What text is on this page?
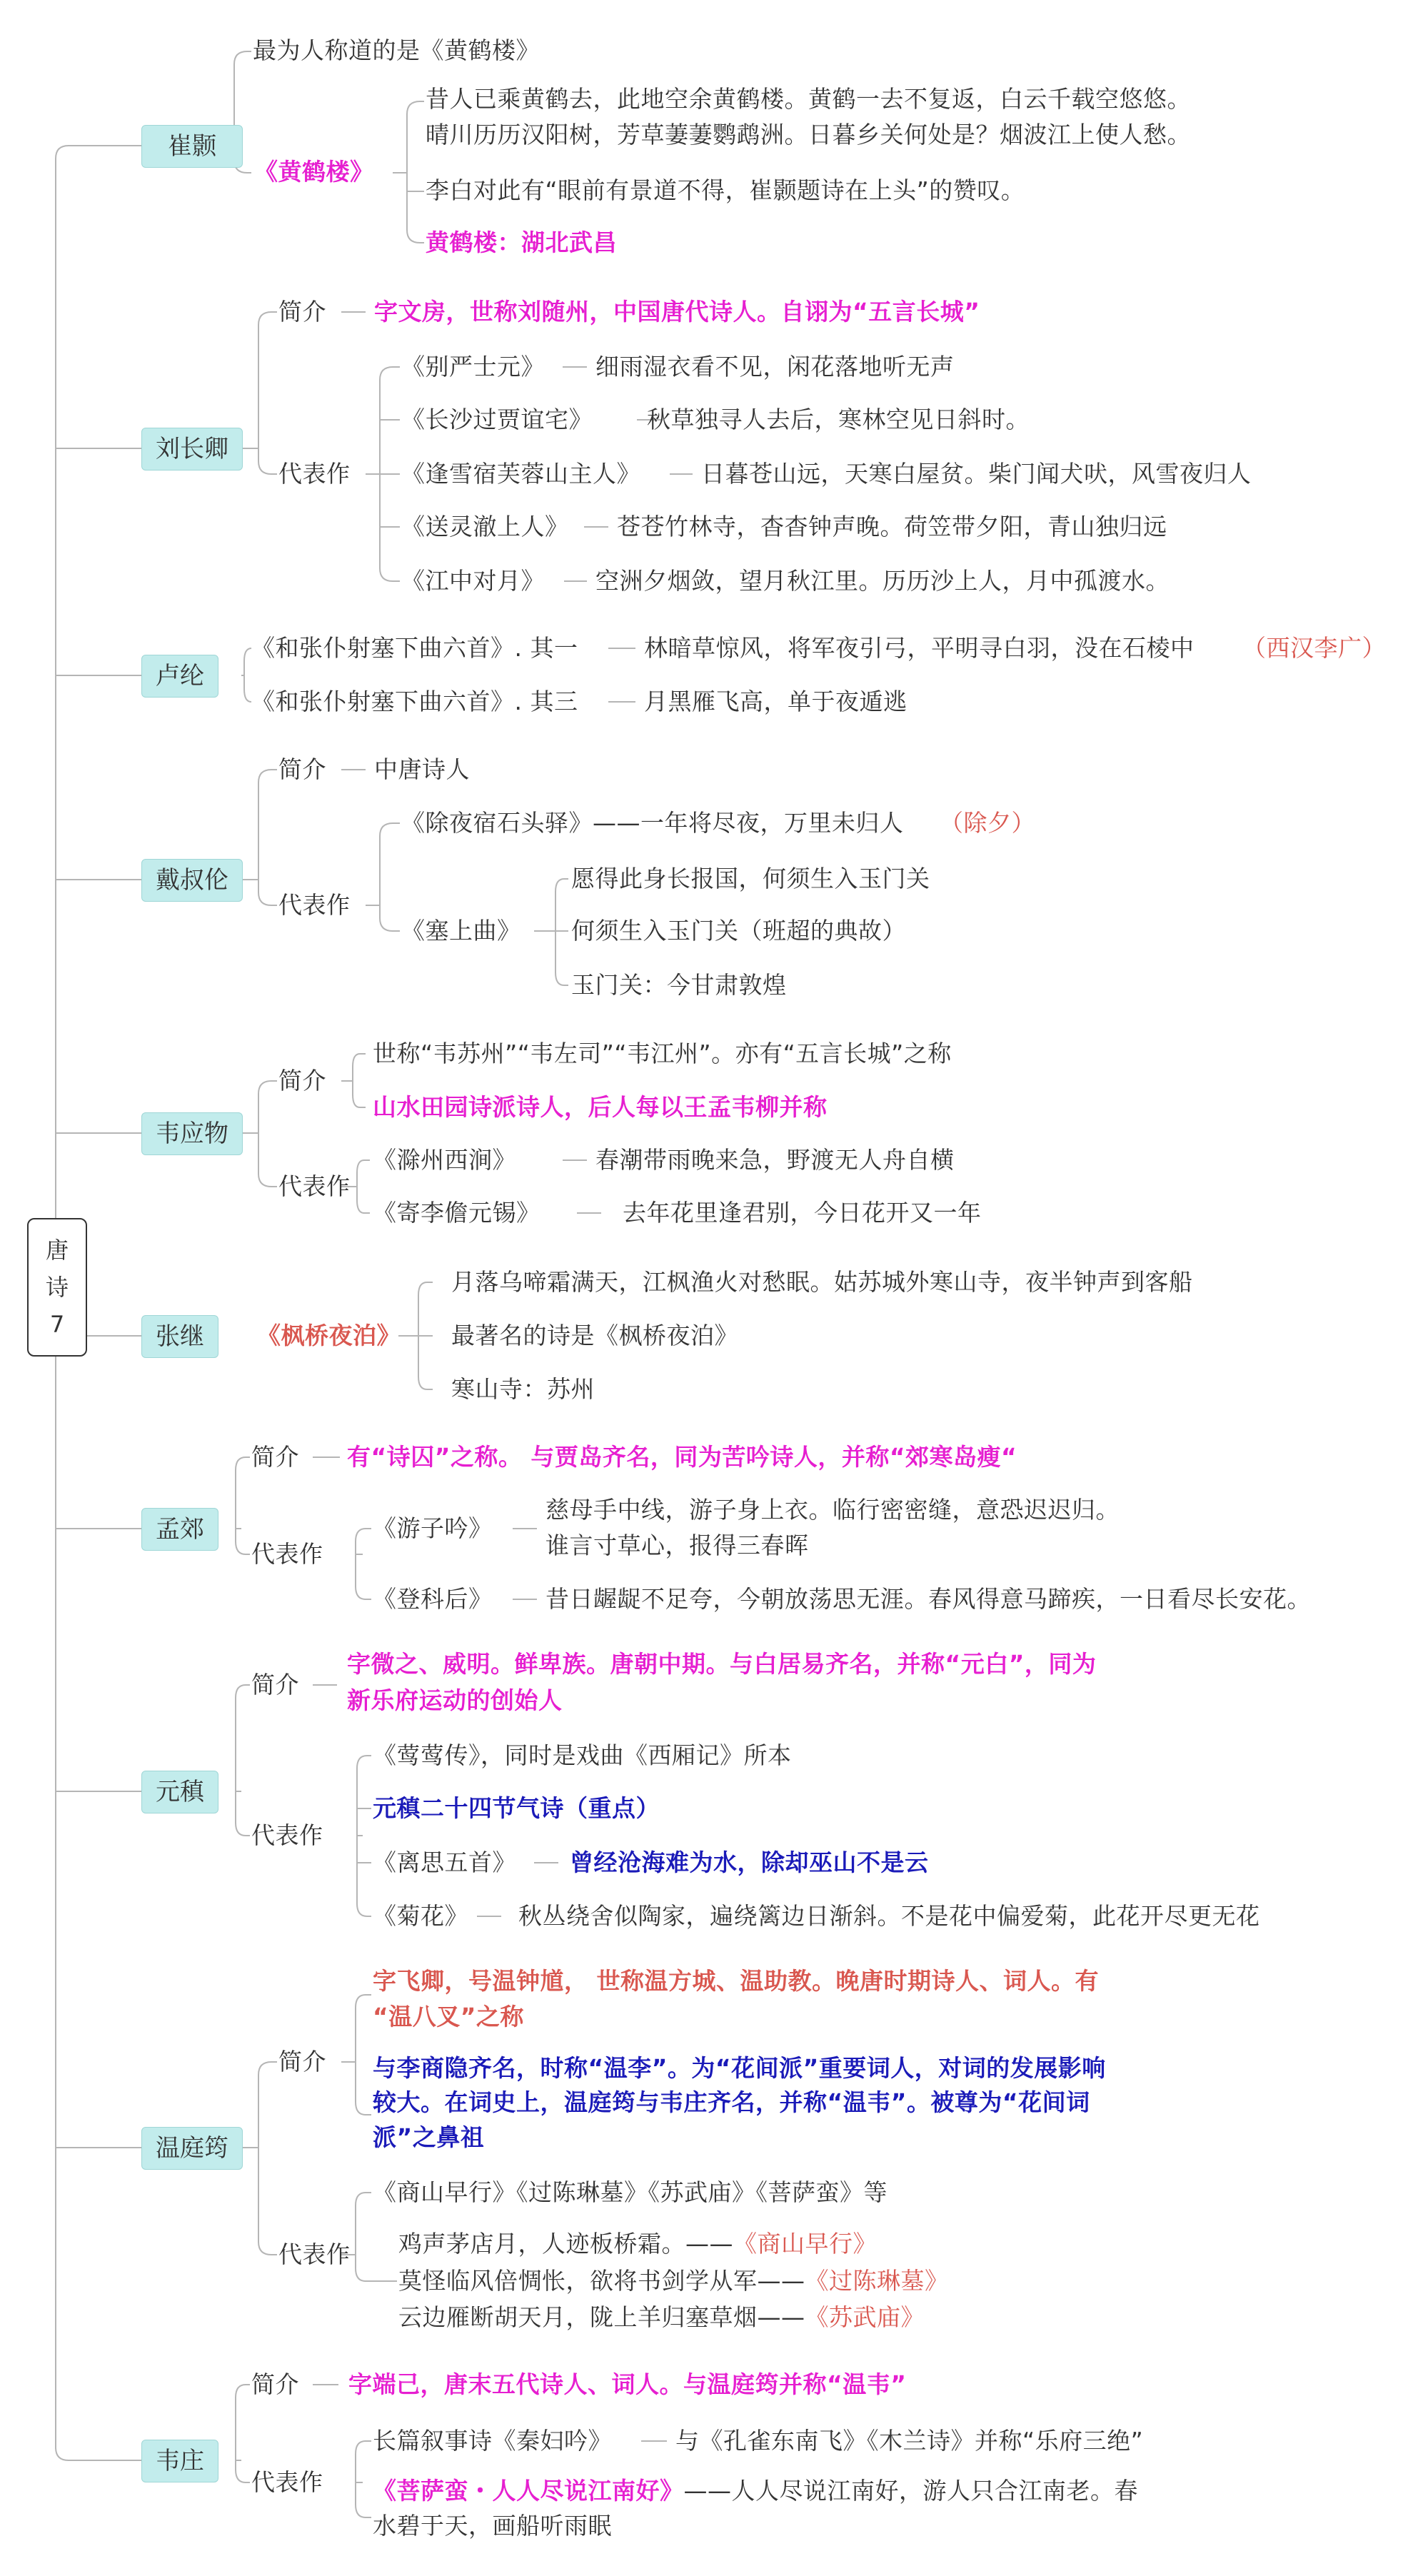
唐
诗
7
崔颢
最为人称道的是《黄鹤楼》
《黄鹤楼》
昔人已乘黄鹤去，此地空余黄鹤楼。黄鹤一去不复返，白云千载空悠悠。
晴川历历汉阳树，芳草萋萋鹦鹉洲。日暮乡关何处是？烟波江上使人愁。
李白对此有“眼前有景道不得，崔颢题诗在上头”的赞叹。
黄鹤楼：湖北武昌
刘长卿
简介 字文房，世称刘随州，中国唐代诗人。自诩为“五言长城”
代表作
《别严士元》 细雨湿衣看不见，闲花落地听无声
《长沙过贾谊宅》 秋草独寻人去后，寒林空见日斜时。
《逢雪宿芙蓉山主人》	日暮苍山远，天寒白屋贫。柴门闻犬吠，风雪夜归人
《送灵澈上人》 苍苍竹林寺，杳杳钟声晚。荷笠带夕阳，青山独归远
《江中对月》 空洲夕烟敛，望月秋江里。历历沙上人，月中孤渡水。
卢纶
《和张仆射塞下曲六首》. 其一	林暗草惊风，将军夜引弓，平明寻白羽，没在石棱中 （西汉李广）
《和张仆射塞下曲六首》. 其三	月黑雁飞高，单于夜遁逃
戴叔伦
简介 中唐诗人
代表作
《除夜宿石头驿》——一年将尽夜，万里未归人 （除夕）
《塞上曲》
愿得此身长报国，何须生入玉门关
何须生入玉门关（班超的典故）
玉门关：今甘肃敦煌
韦应物
简介
世称“韦苏州”“韦左司”“韦江州”。亦有“五言长城”之称
山水田园诗派诗人，后人每以王孟韦柳并称
代表作
《滁州西涧》	春潮带雨晚来急，野渡无人舟自横
《寄李儋元锡》	去年花里逢君别，今日花开又一年
张继	《枫桥夜泊》
月落乌啼霜满天，江枫渔火对愁眠。姑苏城外寒山寺，夜半钟声到客船
最著名的诗是《枫桥夜泊》
寒山寺：苏州
孟郊
简介 有“诗囚”之称。 与贾岛齐名，同为苦吟诗人，并称“郊寒岛瘦“
代表作
《游子吟》
慈母手中线，游子身上衣。临行密密缝，意恐迟迟归。
谁言寸草心，报得三春晖
《登科后》 昔日龌龊不足夸，今朝放荡思无涯。春风得意马蹄疾，一日看尽长安花。
元稹
简介
字微之、威明。鲜卑族。唐朝中期。与白居易齐名，并称“元白”，同为
新乐府运动的创始人
代表作
《莺莺传》，同时是戏曲《西厢记》所本
元稹二十四节气诗（重点）
《离思五首》 曾经沧海难为水，除却巫山不是云
《菊花》 秋丛绕舍似陶家，遍绕篱边日渐斜。不是花中偏爱菊，此花开尽更无花
温庭筠
简介
字飞卿，号温钟馗， 世称温方城、温助教。晚唐时期诗人、词人。有
“温八叉”之称
与李商隐齐名，时称“温李”。为“花间派”重要词人，对词的发展影响
较大。在词史上，温庭筠与韦庄齐名，并称“温韦”。被尊为“花间词
派”之鼻祖
代表作
《商山早行》《过陈琳墓》《苏武庙》《菩萨蛮》等
鸡声茅店月，人迹板桥霜。——《商山早行》
莫怪临风倍惆怅，欲将书剑学从军——《过陈琳墓》
云边雁断胡天月，陇上羊归塞草烟——《苏武庙》
韦庄
简介 字端己，唐末五代诗人、词人。与温庭筠并称“温韦”
代表作
长篇叙事诗《秦妇吟》	与《孔雀东南飞》《木兰诗》并称“乐府三绝”
《菩萨蛮・人人尽说江南好》——人人尽说江南好，游人只合江南老。春
水碧于天，画船听雨眠
